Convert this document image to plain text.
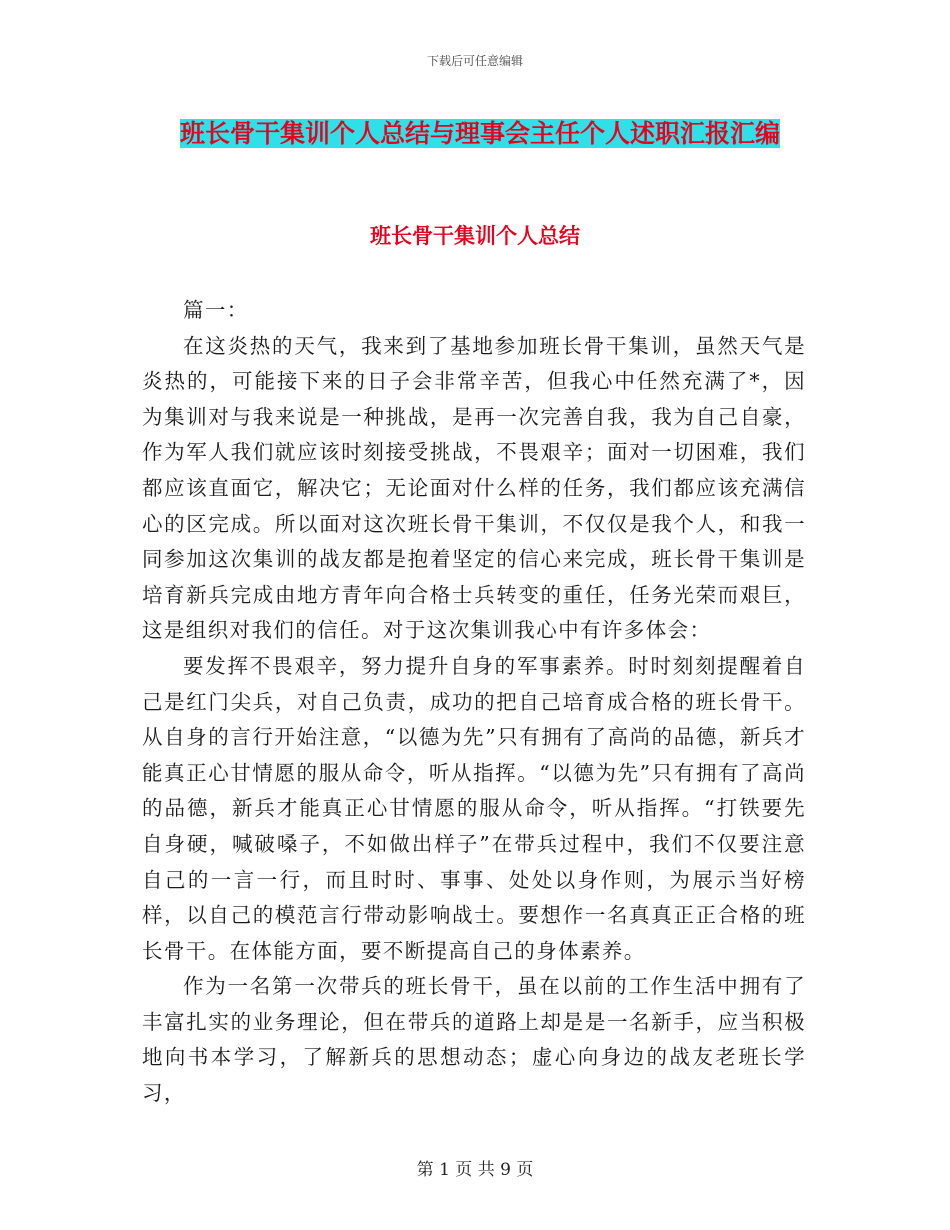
下载后可任意编辑
班长骨干集训个人总结与理事会主任个人述职汇报汇编
班长骨干集训个人总结

篇一：

在这炎热的天气，我来到了基地参加班长骨干集训，虽然天气是炎热的，可能接下来的日子会非常辛苦，但我心中任然充满了*，因为集训对与我来说是一种挑战，是再一次完善自我，我为自己自豪，作为军人我们就应该时刻接受挑战，不畏艰辛；面对一切困难，我们都应该直面它，解决它；无论面对什么样的任务，我们都应该充满信心的区完成。所以面对这次班长骨干集训，不仅仅是我个人，和我一同参加这次集训的战友都是抱着坚定的信心来完成，班长骨干集训是培育新兵完成由地方青年向合格士兵转变的重任，任务光荣而艰巨，这是组织对我们的信任。对于这次集训我心中有许多体会：

要发挥不畏艰辛，努力提升自身的军事素养。时时刻刻提醒着自己是红门尖兵，对自己负责，成功的把自己培育成合格的班长骨干。从自身的言行开始注意，“以德为先”只有拥有了高尚的品德，新兵才能真正心甘情愿的服从命令，听从指挥。“以德为先”只有拥有了高尚的品德，新兵才能真正心甘情愿的服从命令，听从指挥。“打铁要先自身硬，喊破嗓子，不如做出样子”在带兵过程中，我们不仅要注意自己的一言一行，而且时时、事事、处处以身作则，为展示当好榜样，以自己的模范言行带动影响战士。要想作一名真真正正合格的班长骨干。在体能方面，要不断提高自己的身体素养。

作为一名第一次带兵的班长骨干，虽在以前的工作生活中拥有了丰富扎实的业务理论，但在带兵的道路上却是是一名新手，应当积极地向书本学习，了解新兵的思想动态；虚心向身边的战友老班长学习，

第 1 页 共 9 页
